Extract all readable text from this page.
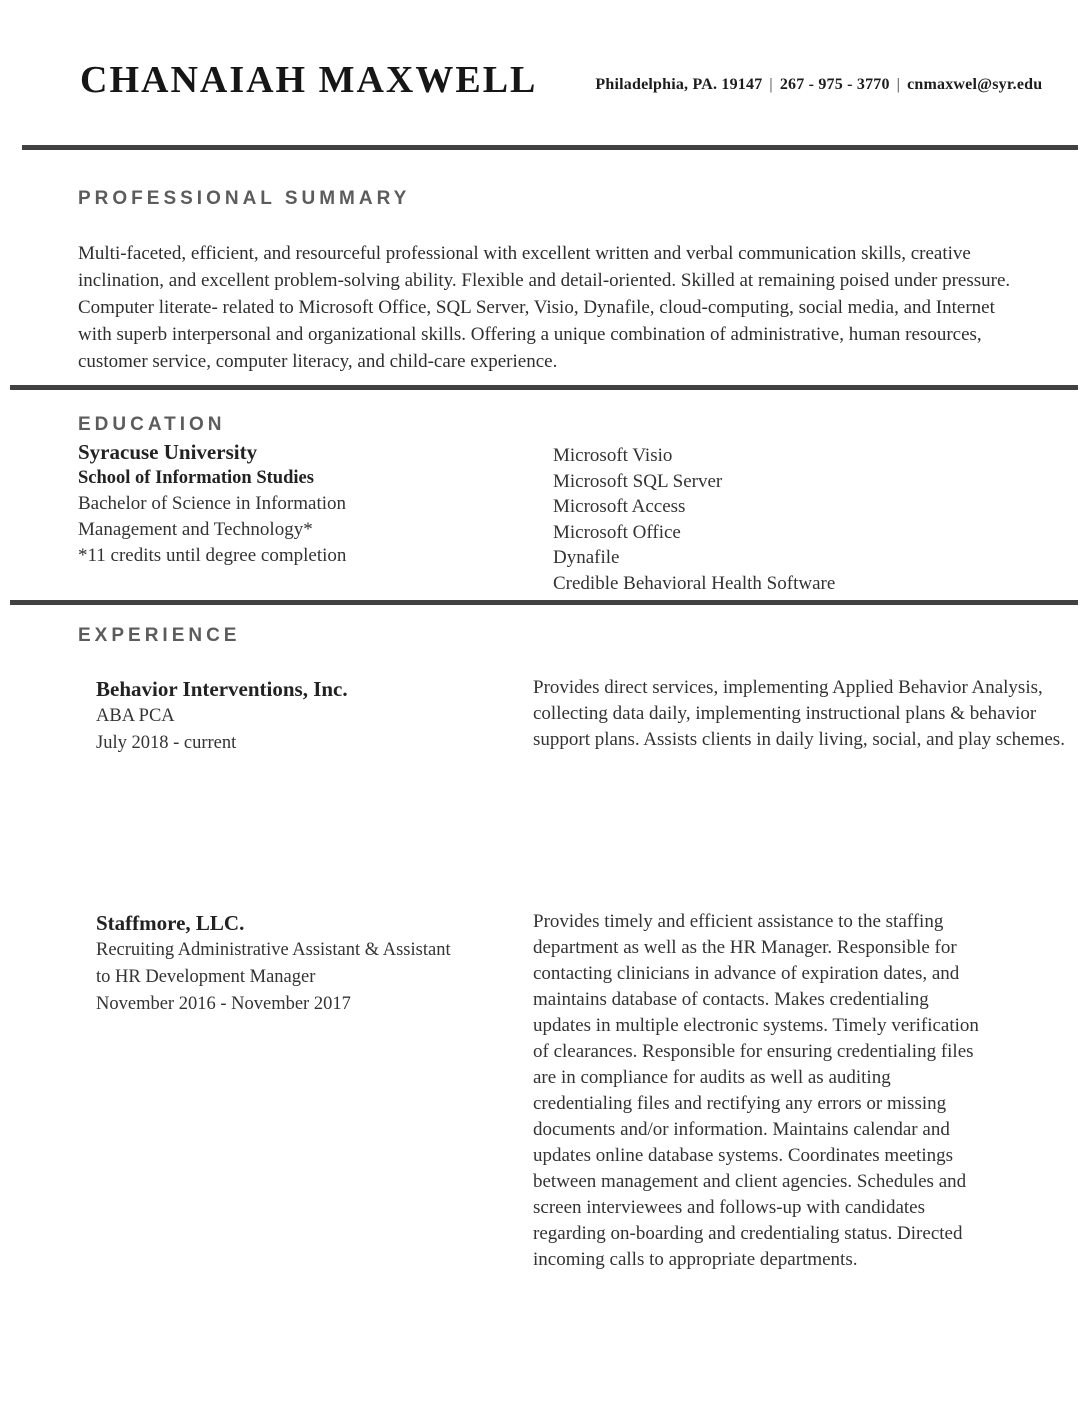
CHANAIAH MAXWELL	Philadelphia, PA. 19147 | 267 - 975 - 3770 | cnmaxwel@syr.edu
PROFESSIONAL SUMMARY
Multi-faceted, efficient, and resourceful professional with excellent written and verbal communication skills, creative inclination, and excellent problem-solving ability. Flexible and detail-oriented. Skilled at remaining poised under pressure. Computer literate- related to Microsoft Office, SQL Server, Visio, Dynafile, cloud-computing, social media, and Internet with superb interpersonal and organizational skills. Offering a unique combination of administrative, human resources, customer service, computer literacy, and child-care experience.
EDUCATION
Syracuse University
School of Information Studies
Bachelor of Science in Information Management and Technology*
*11 credits until degree completion
Microsoft Visio
Microsoft SQL Server
Microsoft Access
Microsoft Office
Dynafile
Credible Behavioral Health Software
EXPERIENCE
Behavior Interventions, Inc.
ABA PCA
July 2018 - current
Provides direct services, implementing Applied Behavior Analysis, collecting data daily, implementing instructional plans & behavior support plans. Assists clients in daily living, social, and play schemes.
Staffmore, LLC.
Recruiting Administrative Assistant & Assistant to HR Development Manager
November 2016 - November 2017
Provides timely and efficient assistance to the staffing department as well as the HR Manager. Responsible for contacting clinicians in advance of expiration dates, and maintains database of contacts. Makes credentialing updates in multiple electronic systems. Timely verification of clearances. Responsible for ensuring credentialing files are in compliance for audits as well as auditing credentialing files and rectifying any errors or missing documents and/or information. Maintains calendar and updates online database systems. Coordinates meetings between management and client agencies. Schedules and screen interviewees and follows-up with candidates regarding on-boarding and credentialing status. Directed incoming calls to appropriate departments.
